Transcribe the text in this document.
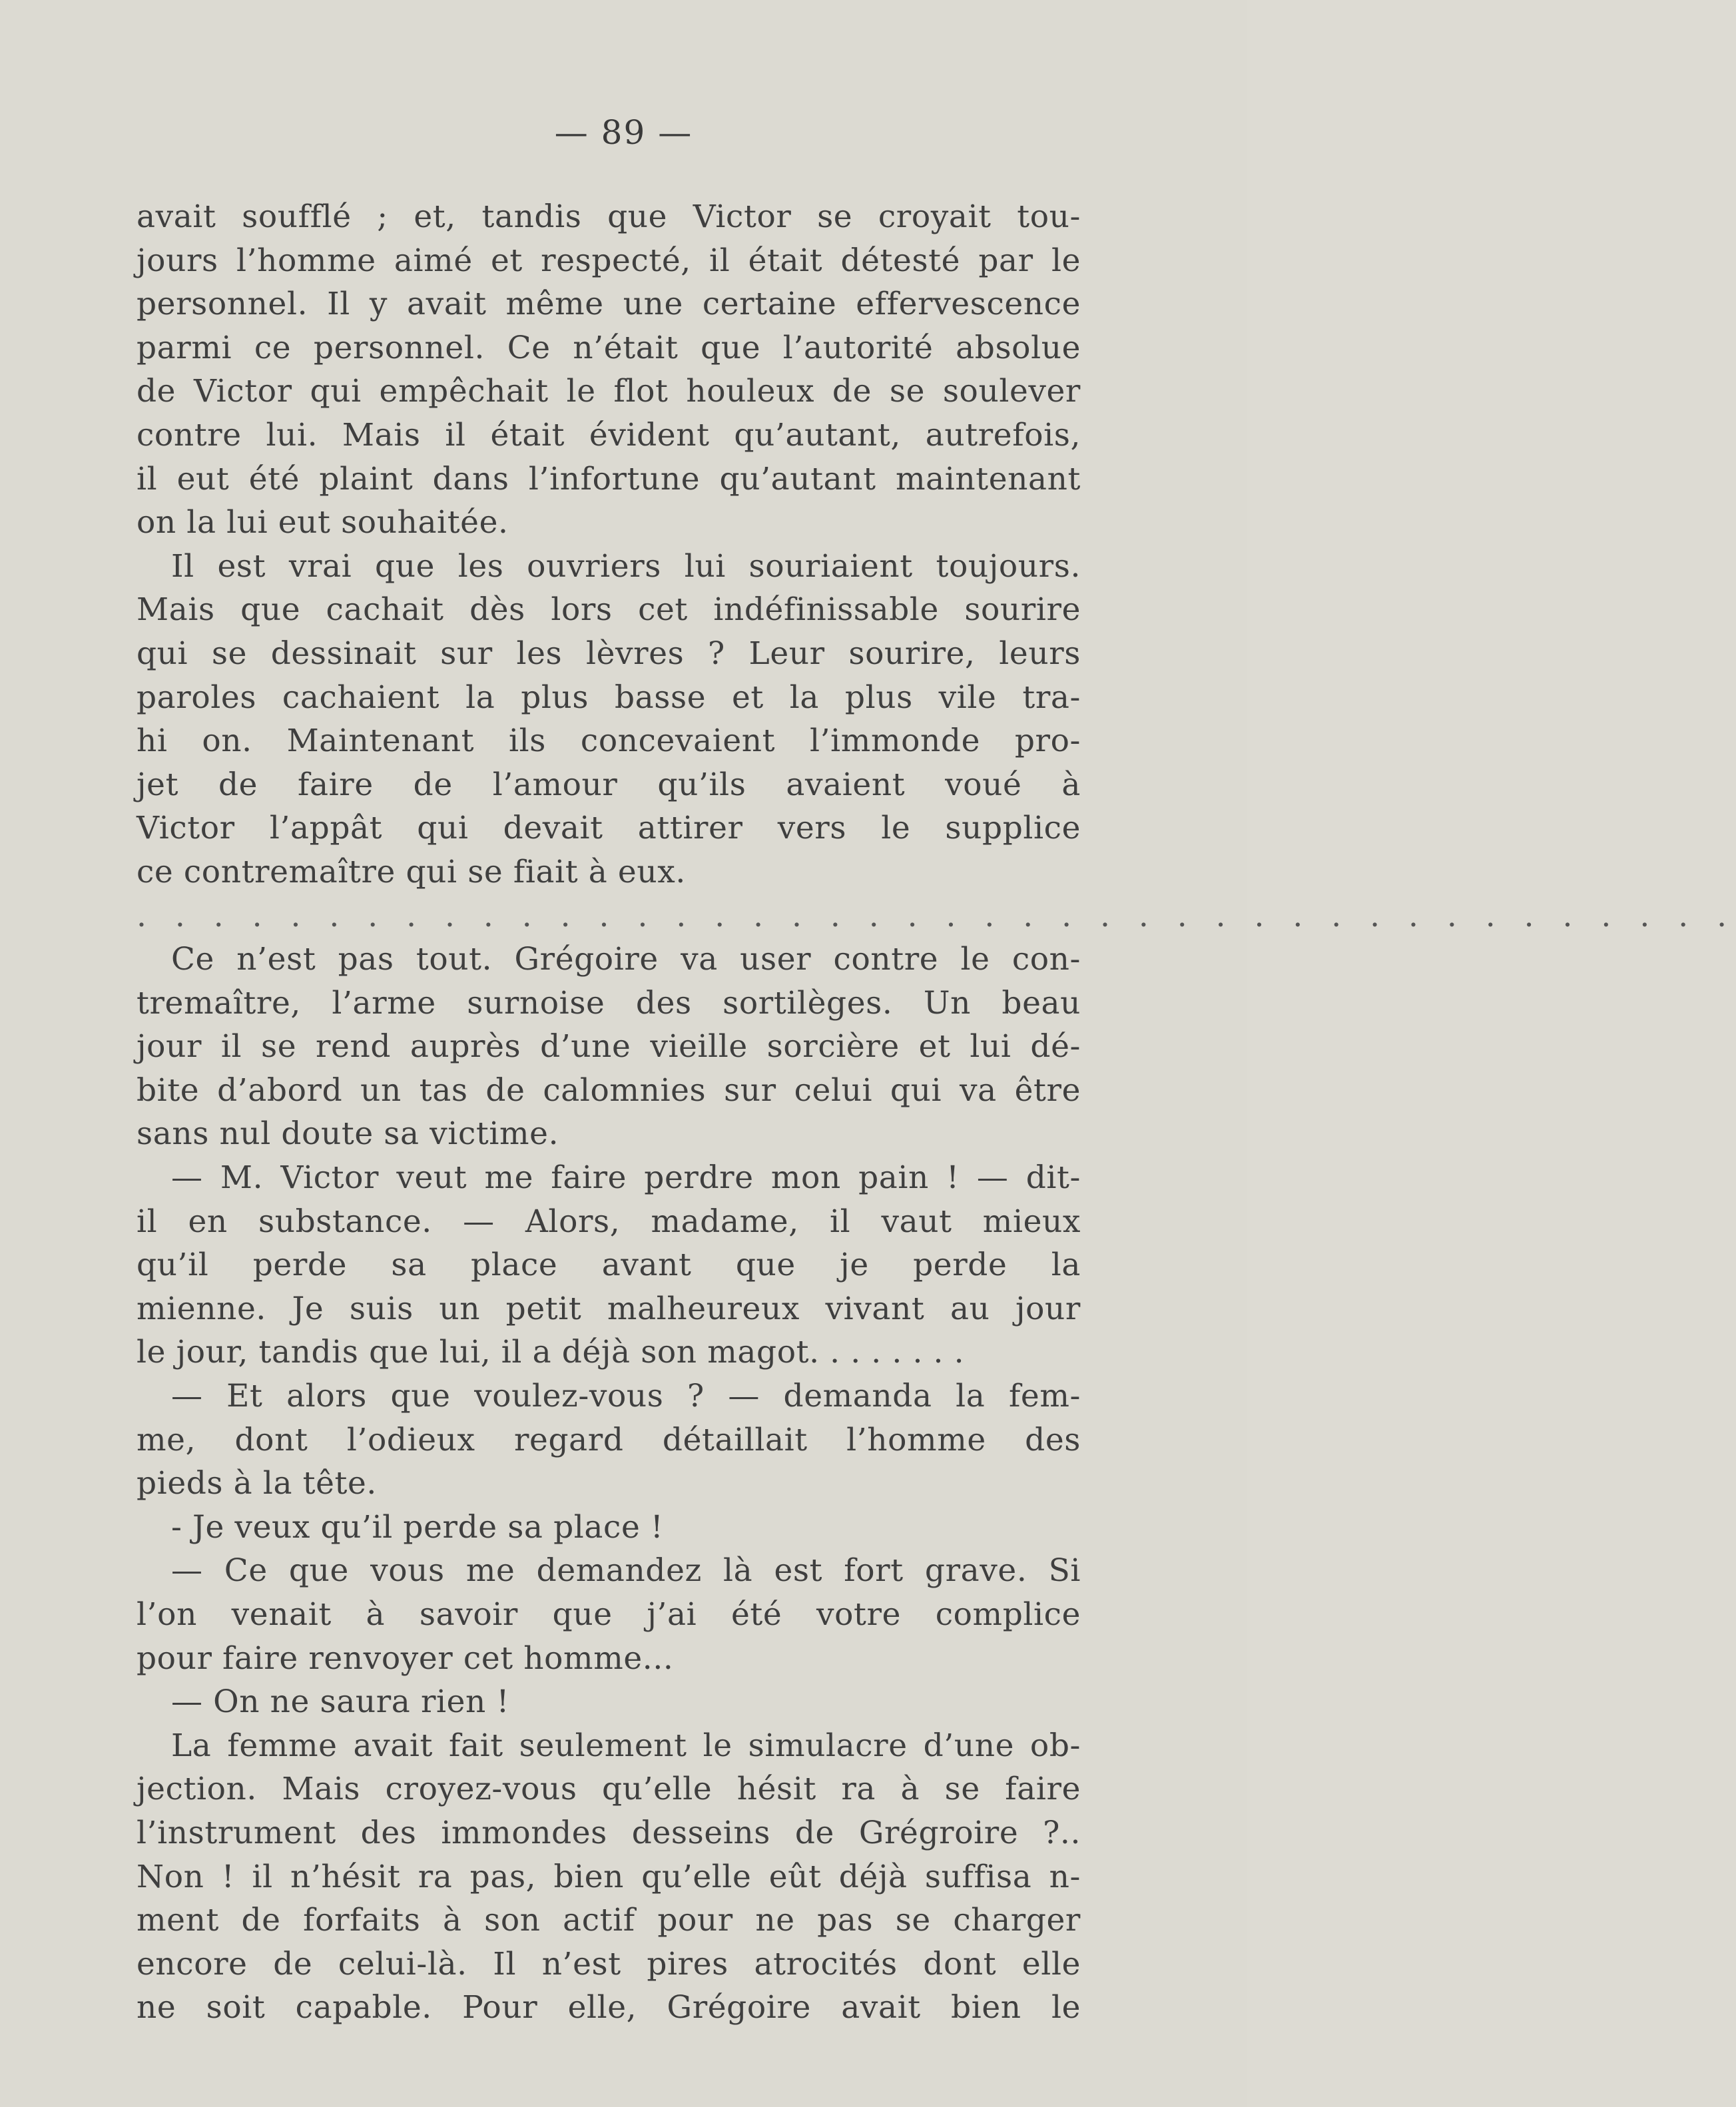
— 89 —
avait soufflé ; et, tandis que Victor se croyait tou-
jours l’homme aimé et respecté, il était détesté par le
personnel. Il y avait même une certaine effervescence
parmi ce personnel. Ce n’était que l’autorité absolue
de Victor qui empêchait le flot houleux de se soulever
contre lui. Mais il était évident qu’autant, autrefois,
il eut été plaint dans l’infortune qu’autant maintenant
on la lui eut souhaitée.
Il est vrai que les ouvriers lui souriaient toujours.
Mais que cachait dès lors cet indéfinissable sourire
qui se dessinait sur les lèvres ? Leur sourire, leurs
paroles cachaient la plus basse et la plus vile tra-
hi on. Maintenant ils concevaient l’immonde pro-
jet de faire de l’amour qu’ils avaient voué à
Victor l’appât qui devait attirer vers le supplice
ce contremaître qui se fiait à eux.
. . . . . . . . . . . . . . . . . . . . . . . . . . . . . . . . . . . . . . . . . .
Ce n’est pas tout. Grégoire va user contre le con-
tremaître, l’arme surnoise des sortilèges. Un beau
jour il se rend auprès d’une vieille sorcière et lui dé-
bite d’abord un tas de calomnies sur celui qui va être
sans nul doute sa victime.
— M. Victor veut me faire perdre mon pain ! — dit-
il en substance. — Alors, madame, il vaut mieux
qu’il perde sa place avant que je perde la
mienne. Je suis un petit malheureux vivant au jour
le jour, tandis que lui, il a déjà son magot. . . . . . . .
— Et alors que voulez-vous ? — demanda la fem-
me, dont l’odieux regard détaillait l’homme des
pieds à la tête.
- Je veux qu’il perde sa place !
— Ce que vous me demandez là est fort grave. Si
l’on venait à savoir que j’ai été votre complice
pour faire renvoyer cet homme...
— On ne saura rien !
La femme avait fait seulement le simulacre d’une ob-
jection. Mais croyez-vous qu’elle hésit ra à se faire
l’instrument des immondes desseins de Grégroire ?..
Non ! il n’hésit ra pas, bien qu’elle eût déjà suffisa n-
ment de forfaits à son actif pour ne pas se charger
encore de celui-là. Il n’est pires atrocités dont elle
ne soit capable. Pour elle, Grégoire avait bien le
